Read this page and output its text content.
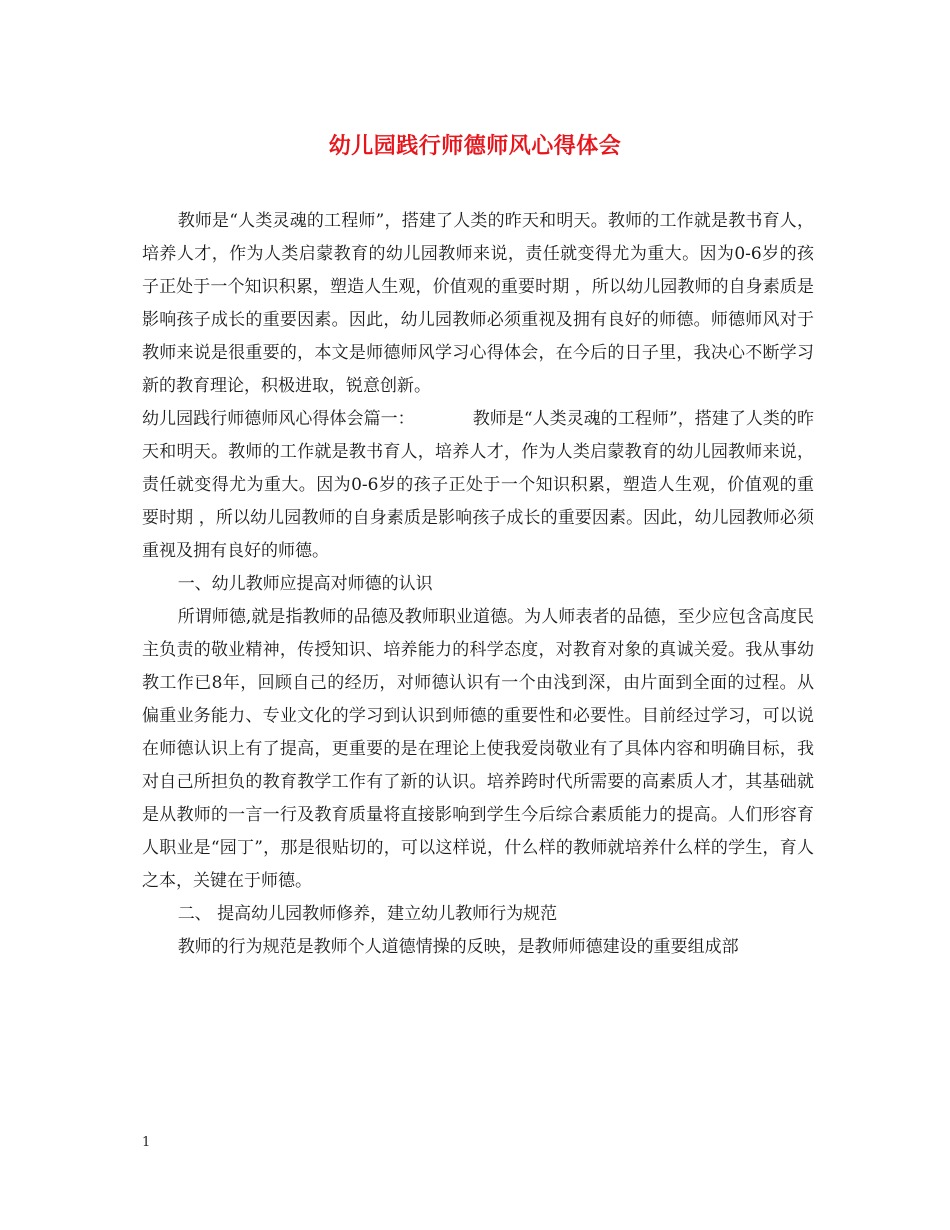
幼儿园践行师德师风心得体会

教师是“人类灵魂的工程师”，搭建了人类的昨天和明天。教师的工作就是教书育人，培养人才，作为人类启蒙教育的幼儿园教师来说，责任就变得尤为重大。因为0-6岁的孩子正处于一个知识积累，塑造人生观，价值观的重要时期 ，所以幼儿园教师的自身素质是影响孩子成长的重要因素。因此，幼儿园教师必须重视及拥有良好的师德。师德师风对于教师来说是很重要的，本文是师德师风学习心得体会，在今后的日子里，我决心不断学习新的教育理论，积极进取，锐意创新。

幼儿园践行师德师风心得体会篇一：	教师是“人类灵魂的工程师”，搭建了人类的昨天和明天。教师的工作就是教书育人，培养人才，作为人类启蒙教育的幼儿园教师来说，责任就变得尤为重大。因为0-6岁的孩子正处于一个知识积累，塑造人生观，价值观的重要时期 ，所以幼儿园教师的自身素质是影响孩子成长的重要因素。因此，幼儿园教师必须重视及拥有良好的师德。

一、幼儿教师应提高对师德的认识

所谓师德,就是指教师的品德及教师职业道德。为人师表者的品德，至少应包含高度民主负责的敬业精神，传授知识、培养能力的科学态度，对教育对象的真诚关爱。我从事幼教工作已8年，回顾自己的经历，对师德认识有一个由浅到深，由片面到全面的过程。从偏重业务能力、专业文化的学习到认识到师德的重要性和必要性。目前经过学习，可以说在师德认识上有了提高，更重要的是在理论上使我爱岗敬业有了具体内容和明确目标，我对自己所担负的教育教学工作有了新的认识。培养跨时代所需要的高素质人才，其基础就是从教师的一言一行及教育质量将直接影响到学生今后综合素质能力的提高。人们形容育人职业是“园丁”，那是很贴切的，可以这样说，什么样的教师就培养什么样的学生，育人之本，关键在于师德。

二、 提高幼儿园教师修养，建立幼儿教师行为规范

教师的行为规范是教师个人道德情操的反映，是教师师德建设的重要组成部

1
